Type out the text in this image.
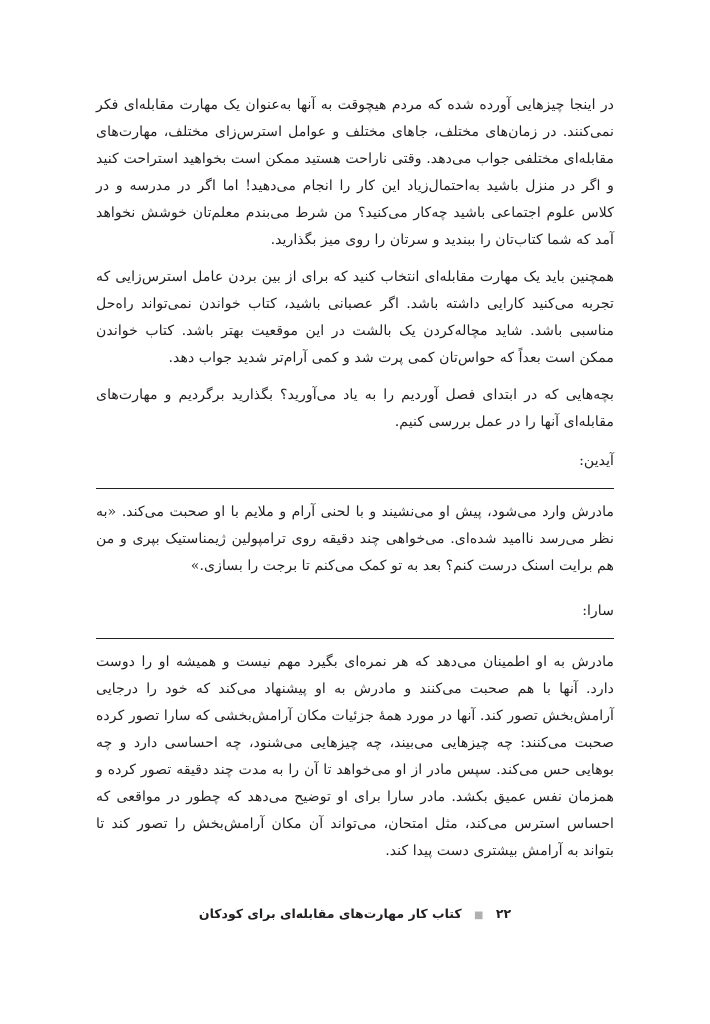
در اینجا چیزهایی آورده شده که مردم هیچوقت به آنها به‌عنوان یک مهارت مقابله‌ای فکر نمی‌کنند. در زمان‌های مختلف، جاهای مختلف و عوامل استرس‌زای مختلف، مهارت‌های مقابله‌ای مختلفی جواب می‌دهد. وقتی ناراحت هستید ممکن است بخواهید استراحت کنید و اگر در منزل باشید به‌احتمال‌زیاد این کار را انجام می‌دهید! اما اگر در مدرسه و در کلاس علوم اجتماعی باشید چه‌کار می‌کنید؟ من شرط می‌بندم معلم‌تان خوشش نخواهد آمد که شما کتاب‌تان را ببندید و سرتان را روی میز بگذارید.

همچنین باید یک مهارت مقابله‌ای انتخاب کنید که برای از بین بردن عامل استرس‌زایی که تجربه می‌کنید کارایی داشته باشد. اگر عصبانی باشید، کتاب خواندن نمی‌تواند راه‌حل مناسبی باشد. شاید مچاله‌کردن یک بالشت در این موقعیت بهتر باشد. کتاب خواندن ممکن است بعداً که حواس‌تان کمی پرت شد و کمی آرام‌تر شدید جواب دهد.

بچه‌هایی که در ابتدای فصل آوردیم را به یاد می‌آورید؟ بگذارید برگردیم و مهارت‌های مقابله‌ای آنها را در عمل بررسی کنیم.

آیدین:

مادرش وارد می‌شود، پیش او می‌نشیند و با لحنی آرام و ملایم با او صحبت می‌کند. «به نظر می‌رسد ناامید شده‌ای. می‌خواهی چند دقیقه روی ترامپولین ژیمناستیک بپری و من هم برایت اسنک درست کنم؟ بعد به تو کمک می‌کنم تا برجت را بسازی.»

سارا:

مادرش به او اطمینان می‌دهد که هر نمره‌ای بگیرد مهم نیست و همیشه او را دوست دارد. آنها با هم صحبت می‌کنند و مادرش به او پیشنهاد می‌کند که خود را درجایی آرامش‌بخش تصور کند. آنها در مورد همهٔ جزئیات مکان آرامش‌بخشی که سارا تصور کرده صحبت می‌کنند: چه چیزهایی می‌بیند، چه چیزهایی می‌شنود، چه احساسی دارد و چه بوهایی حس می‌کند. سپس مادر از او می‌خواهد تا آن را به مدت چند دقیقه تصور کرده و همزمان نفس عمیق بکشد. مادر سارا برای او توضیح می‌دهد که چطور در مواقعی که احساس استرس می‌کند، مثل امتحان، می‌تواند آن مکان آرامش‌بخش را تصور کند تا بتواند به آرامش بیشتری دست پیدا کند.

۲۲ ■ کتاب کار مهارت‌های مقابله‌ای برای کودکان
